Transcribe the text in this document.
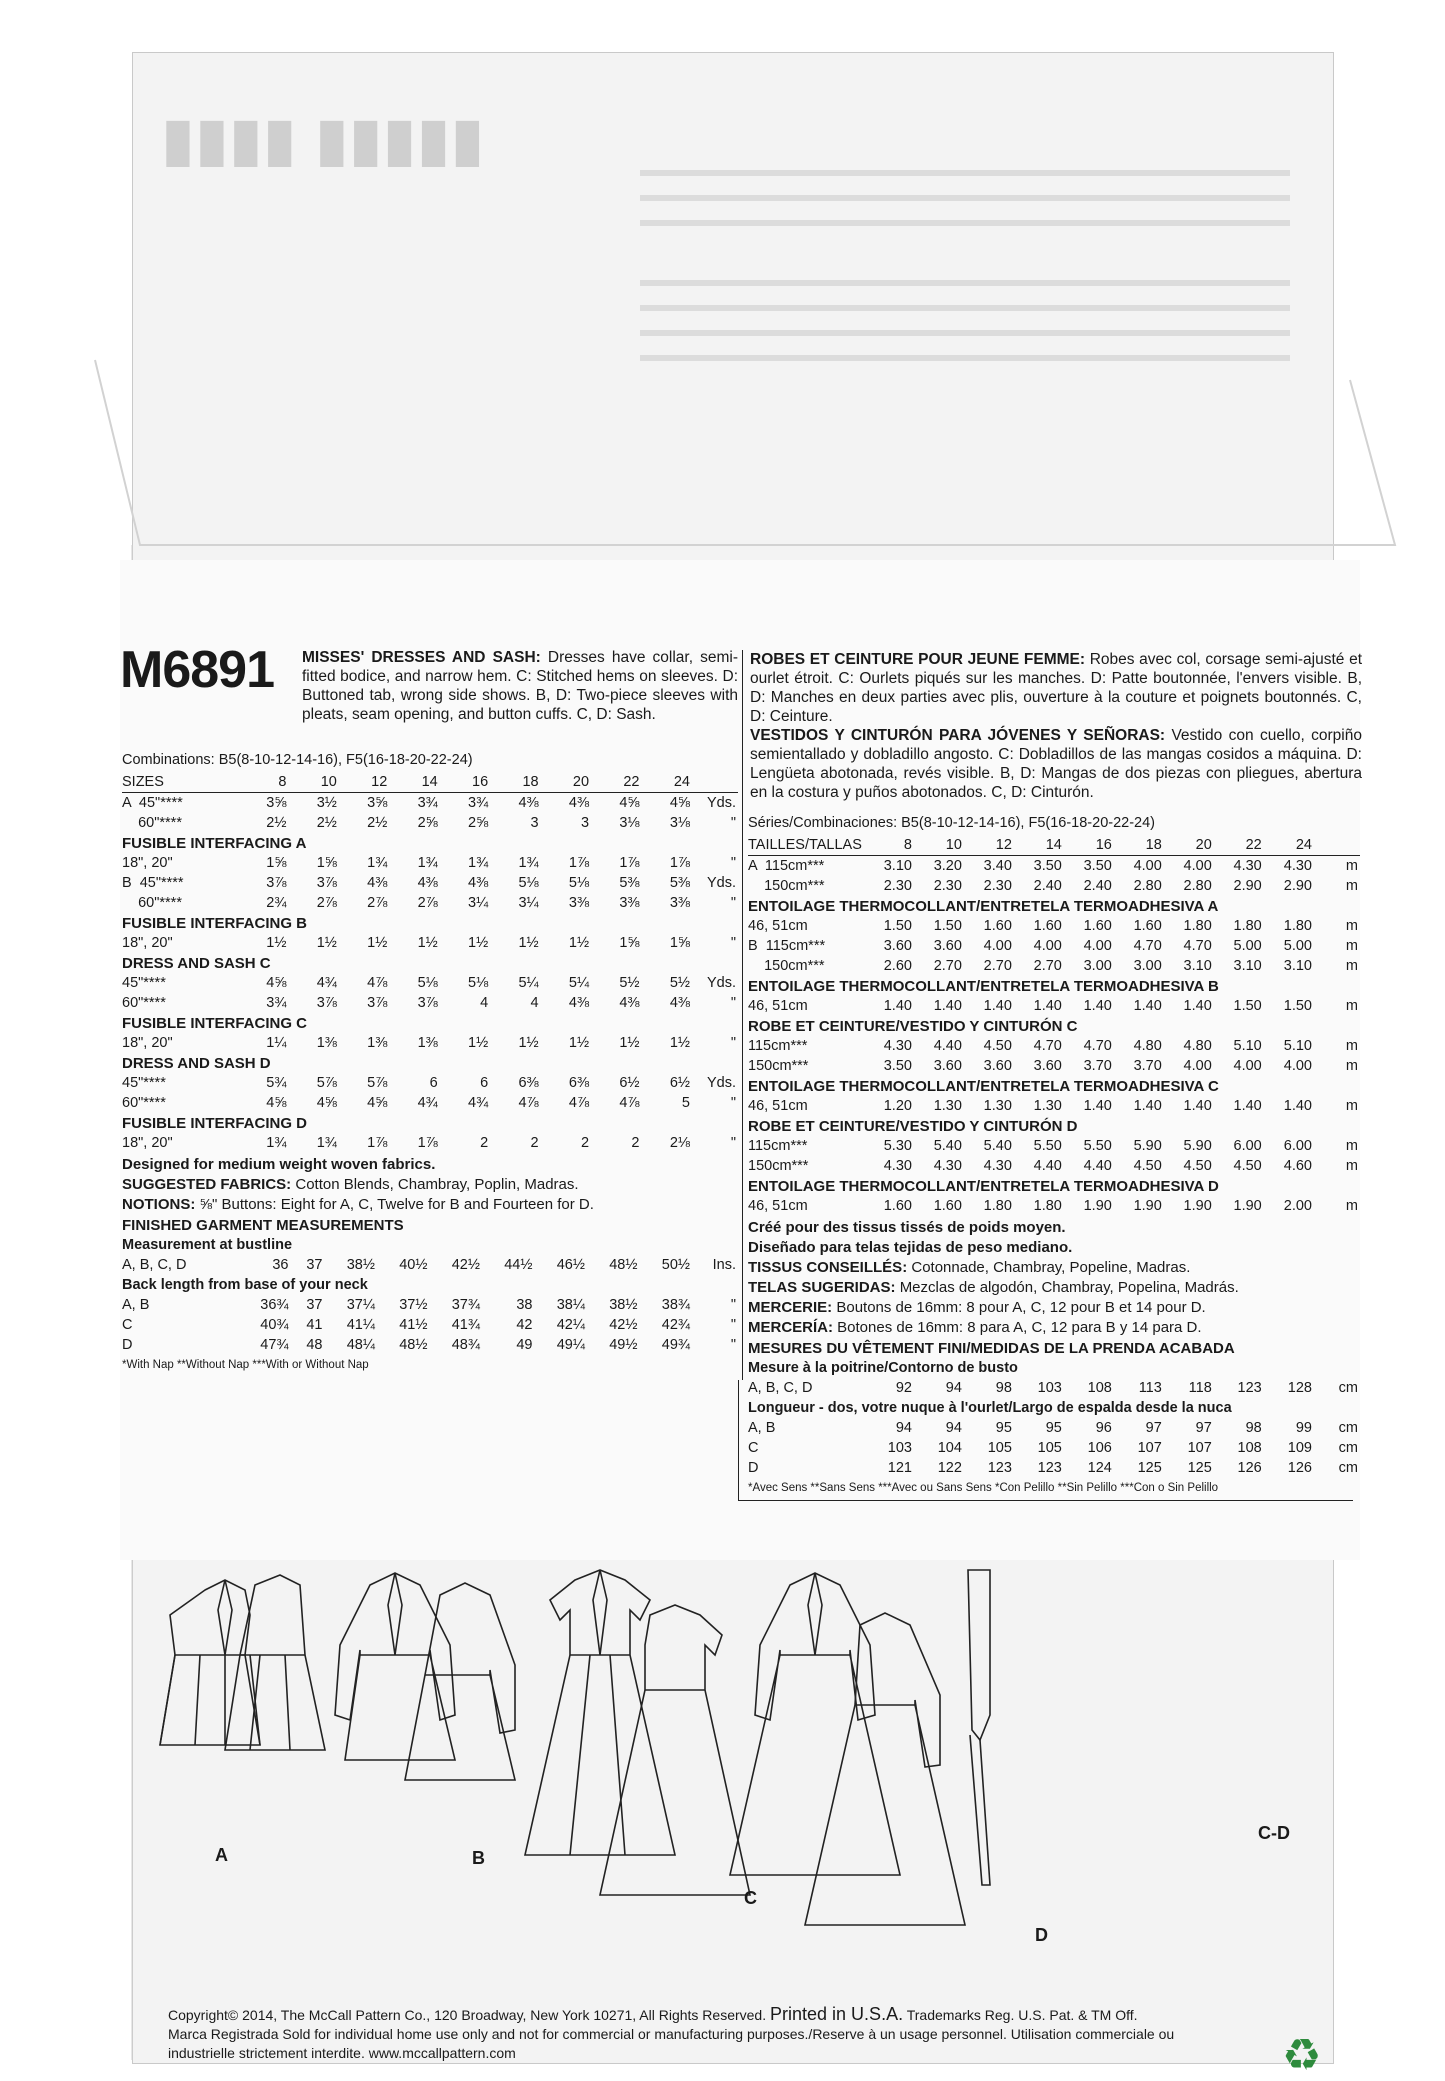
▮▮▮▮▮ ▮▮▮▮
M6891 MISSES' DRESSES AND SASH: Dresses have collar, semi-fitted bodice, and narrow hem. C: Stitched hems on sleeves. D: Buttoned tab, wrong side shows. B, D: Two-piece sleeves with pleats, seam opening, and button cuffs. C, D: Sash.
ROBES ET CEINTURE POUR JEUNE FEMME: Robes avec col, corsage semi-ajusté et ourlet étroit. C: Ourlets piqués sur les manches. D: Patte boutonnée, l'envers visible. B, D: Manches en deux parties avec plis, ouverture à la couture et poignets boutonnés. C, D: Ceinture.
VESTIDOS Y CINTURÓN PARA JÓVENES Y SEÑORAS: Vestido con cuello, corpiño semientallado y dobladillo angosto. C: Dobladillos de las mangas cosidos a máquina. D: Lengüeta abotonada, revés visible. B, D: Mangas de dos piezas con pliegues, abertura en la costura y puños abotonados. C, D: Cinturón.
Combinations: B5(8-10-12-14-16), F5(16-18-20-22-24)
SIZES	8	10	12	14	16	18	20	22	24	
A  45"****	3⅝	3½	3⅝	3¾	3¾	4⅜	4⅜	4⅝	4⅝	Yds.
60"****	2½	2½	2½	2⅝	2⅝	3	3	3⅛	3⅛	"
FUSIBLE INTERFACING A										
18", 20"	1⅝	1⅝	1¾	1¾	1¾	1¾	1⅞	1⅞	1⅞	"
B  45"****	3⅞	3⅞	4⅜	4⅜	4⅜	5⅛	5⅛	5⅜	5⅜	Yds.
60"****	2¾	2⅞	2⅞	2⅞	3¼	3¼	3⅜	3⅜	3⅜	"
FUSIBLE INTERFACING B										
18", 20"	1½	1½	1½	1½	1½	1½	1½	1⅝	1⅝	"
DRESS AND SASH C										
45"****	4⅝	4¾	4⅞	5⅛	5⅛	5¼	5¼	5½	5½	Yds.
60"****	3¾	3⅞	3⅞	3⅞	4	4	4⅜	4⅜	4⅜	"
FUSIBLE INTERFACING C										
18", 20"	1¼	1⅜	1⅜	1⅜	1½	1½	1½	1½	1½	"
DRESS AND SASH D										
45"****	5¾	5⅞	5⅞	6	6	6⅜	6⅜	6½	6½	Yds.
60"****	4⅝	4⅝	4⅝	4¾	4¾	4⅞	4⅞	4⅞	5	"
FUSIBLE INTERFACING D										
18", 20"	1¾	1¾	1⅞	1⅞	2	2	2	2	2⅛	"
Designed for medium weight woven fabrics.
SUGGESTED FABRICS: Cotton Blends, Chambray, Poplin, Madras.
NOTIONS: ⅝" Buttons: Eight for A, C, Twelve for B and Fourteen for D.
FINISHED GARMENT MEASUREMENTS										
Measurement at bustline										
A, B, C, D	36	37	38½	40½	42½	44½	46½	48½	50½	Ins.
Back length from base of your neck										
A, B	36¾	37	37¼	37½	37¾	38	38¼	38½	38¾	"
C	40¾	41	41¼	41½	41¾	42	42¼	42½	42¾	"
D	47¾	48	48¼	48½	48¾	49	49¼	49½	49¾	"
*With Nap **Without Nap ***With or Without Nap
Séries/Combinaciones: B5(8-10-12-14-16), F5(16-18-20-22-24)
TAILLES/TALLAS	8	10	12	14	16	18	20	22	24	
A  115cm***	3.10	3.20	3.40	3.50	3.50	4.00	4.00	4.30	4.30	m
150cm***	2.30	2.30	2.30	2.40	2.40	2.80	2.80	2.90	2.90	m
ENTOILAGE THERMOCOLLANT/ENTRETELA TERMOADHESIVA A										
46, 51cm	1.50	1.50	1.60	1.60	1.60	1.60	1.80	1.80	1.80	m
B  115cm***	3.60	3.60	4.00	4.00	4.00	4.70	4.70	5.00	5.00	m
150cm***	2.60	2.70	2.70	2.70	3.00	3.00	3.10	3.10	3.10	m
ENTOILAGE THERMOCOLLANT/ENTRETELA TERMOADHESIVA B										
46, 51cm	1.40	1.40	1.40	1.40	1.40	1.40	1.40	1.50	1.50	m
ROBE ET CEINTURE/VESTIDO Y CINTURÓN C										
115cm***	4.30	4.40	4.50	4.70	4.70	4.80	4.80	5.10	5.10	m
150cm***	3.50	3.60	3.60	3.60	3.70	3.70	4.00	4.00	4.00	m
ENTOILAGE THERMOCOLLANT/ENTRETELA TERMOADHESIVA C										
46, 51cm	1.20	1.30	1.30	1.30	1.40	1.40	1.40	1.40	1.40	m
ROBE ET CEINTURE/VESTIDO Y CINTURÓN D										
115cm***	5.30	5.40	5.40	5.50	5.50	5.90	5.90	6.00	6.00	m
150cm***	4.30	4.30	4.30	4.40	4.40	4.50	4.50	4.50	4.60	m
ENTOILAGE THERMOCOLLANT/ENTRETELA TERMOADHESIVA D										
46, 51cm	1.60	1.60	1.80	1.80	1.90	1.90	1.90	1.90	2.00	m
Créé pour des tissus tissés de poids moyen.
Diseñado para telas tejidas de peso mediano.
TISSUS CONSEILLÉS: Cotonnade, Chambray, Popeline, Madras.
TELAS SUGERIDAS: Mezclas de algodón, Chambray, Popelina, Madrás.
MERCERIE: Boutons de 16mm: 8 pour A, C, 12 pour B et 14 pour D.
MERCERÍA: Botones de 16mm: 8 para A, C, 12 para B y 14 para D.
MESURES DU VÊTEMENT FINI/MEDIDAS DE LA PRENDA ACABADA										
Mesure à la poitrine/Contorno de busto										
A, B, C, D	92	94	98	103	108	113	118	123	128	cm
Longueur - dos, votre nuque à l'ourlet/Largo de espalda desde la nuca										
A, B	94	94	95	95	96	97	97	98	99	cm
C	103	104	105	105	106	107	107	108	109	cm
D	121	122	123	123	124	125	125	126	126	cm
*Avec Sens **Sans Sens ***Avec ou Sans Sens *Con Pelillo **Sin Pelillo ***Con o Sin Pelillo
A	B
C
D
C-D
Copyright© 2014, The McCall Pattern Co., 120 Broadway, New York 10271, All Rights Reserved. Printed in U.S.A. Trademarks Reg. U.S. Pat. & TM Off.
Marca Registrada Sold for individual home use only and not for commercial or manufacturing purposes./Reserve à un usage personnel. Utilisation commerciale ou
industrielle strictement interdite. www.mccallpattern.com	♻
